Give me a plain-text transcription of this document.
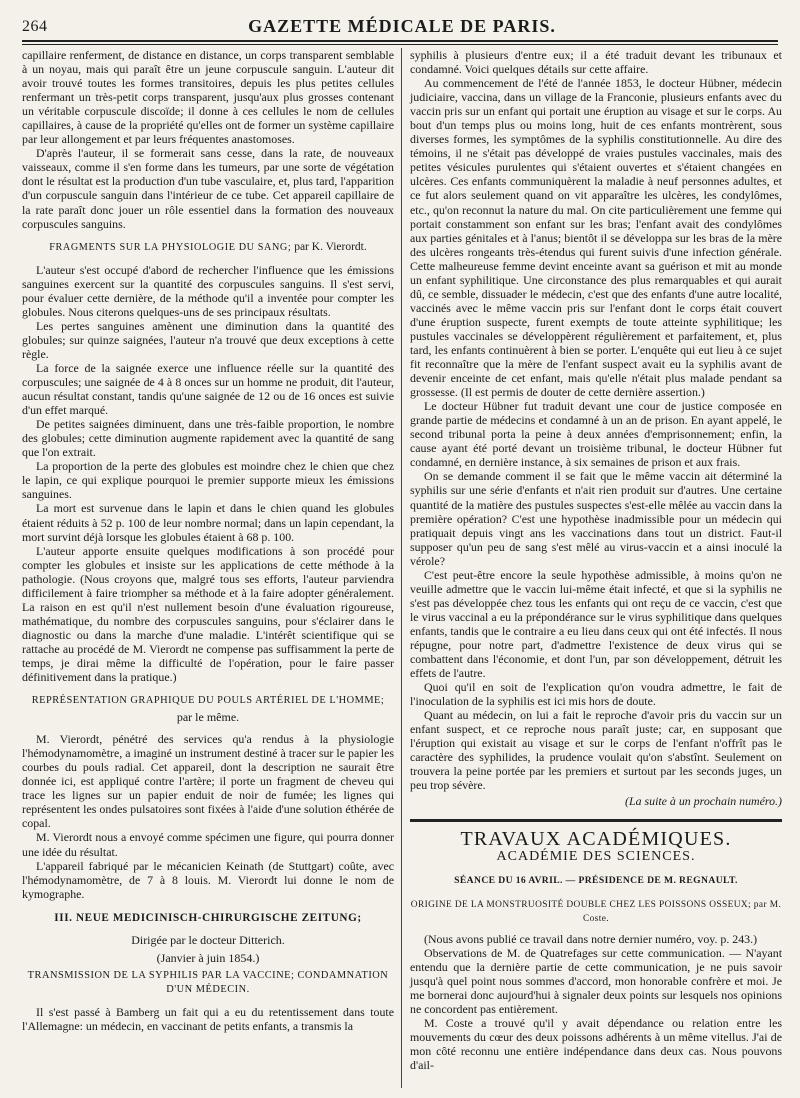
264	GAZETTE MÉDICALE DE PARIS.

capillaire renferment, de distance en distance, un corps transparent semblable à un noyau, mais qui paraît être un jeune corpuscule sanguin. L'auteur dit avoir trouvé toutes les formes transitoires, depuis les plus petites cellules renfermant un très-petit corps transparent, jusqu'aux plus grosses contenant un véritable corpuscule discoïde; il donne à ces cellules le nom de cellules capillaires, à cause de la propriété qu'elles ont de former un système capillaire par leur allongement et par leurs fréquentes anastomoses.

D'après l'auteur, il se formerait sans cesse, dans la rate, de nouveaux vaisseaux, comme il s'en forme dans les tumeurs, par une sorte de végétation dont le résultat est la production d'un tube vasculaire, et, plus tard, l'apparition d'un corpuscule sanguin dans l'intérieur de ce tube. Cet appareil capillaire de la rate paraît donc jouer un rôle essentiel dans la formation des nouveaux corpuscules sanguins.

FRAGMENTS SUR LA PHYSIOLOGIE DU SANG; par K. Vierordt.

L'auteur s'est occupé d'abord de rechercher l'influence que les émissions sanguines exercent sur la quantité des corpuscules sanguins. Il s'est servi, pour évaluer cette dernière, de la méthode qu'il a inventée pour compter les globules. Nous citerons quelques-uns de ses principaux résultats.

Les pertes sanguines amènent une diminution dans la quantité des globules; sur quinze saignées, l'auteur n'a trouvé que deux exceptions à cette règle.

La force de la saignée exerce une influence réelle sur la quantité des corpuscules; une saignée de 4 à 8 onces sur un homme ne produit, dit l'auteur, aucun résultat constant, tandis qu'une saignée de 12 ou de 16 onces est suivie d'un effet marqué.

De petites saignées diminuent, dans une très-faible proportion, le nombre des globules; cette diminution augmente rapidement avec la quantité de sang que l'on extrait.

La proportion de la perte des globules est moindre chez le chien que chez le lapin, ce qui explique pourquoi le premier supporte mieux les émissions sanguines.

La mort est survenue dans le lapin et dans le chien quand les globules étaient réduits à 52 p. 100 de leur nombre normal; dans un lapin cependant, la mort survint déjà lorsque les globules étaient à 68 p. 100.

L'auteur apporte ensuite quelques modifications à son procédé pour compter les globules et insiste sur les applications de cette méthode à la pathologie. (Nous croyons que, malgré tous ses efforts, l'auteur parviendra difficilement à faire triompher sa méthode et à la faire adopter généralement. La raison en est qu'il n'est nullement besoin d'une évaluation rigoureuse, mathématique, du nombre des corpuscules sanguins, pour s'éclairer dans le diagnostic ou dans la marche d'une maladie. L'intérêt scientifique qui se rattache au procédé de M. Vierordt ne compense pas suffisamment la perte de temps, je dirai même la difficulté de l'opération, pour le faire passer définitivement dans la pratique.)

REPRÉSENTATION GRAPHIQUE DU POULS ARTÉRIEL DE L'HOMME;
par le même.

M. Vierordt, pénétré des services qu'a rendus à la physiologie l'hémodynamomètre, a imaginé un instrument destiné à tracer sur le papier les courbes du pouls radial. Cet appareil, dont la description ne saurait être donnée ici, est appliqué contre l'artère; il porte un fragment de cheveu qui trace les lignes sur un papier enduit de noir de fumée; les lignes qui représentent les ondes pulsatoires sont fixées à l'aide d'une solution éthérée de copal.

M. Vierordt nous a envoyé comme spécimen une figure, qui pourra donner une idée du résultat.

L'appareil fabriqué par le mécanicien Keinath (de Stuttgart) coûte, avec l'hémodynamomètre, de 7 à 8 louis. M. Vierordt lui donne le nom de kymographe.

III. NEUE MEDICINISCH-CHIRURGISCHE ZEITUNG;
Dirigée par le docteur Ditterich.
(Janvier à juin 1854.)
TRANSMISSION DE LA SYPHILIS PAR LA VACCINE; CONDAMNATION D'UN MÉDECIN.

Il s'est passé à Bamberg un fait qui a eu du retentissement dans toute l'Allemagne: un médecin, en vaccinant de petits enfants, a transmis la

syphilis à plusieurs d'entre eux; il a été traduit devant les tribunaux et condamné. Voici quelques détails sur cette affaire.

Au commencement de l'été de l'année 1853, le docteur Hübner, médecin judiciaire, vaccina, dans un village de la Franconie, plusieurs enfants avec du vaccin pris sur un enfant qui portait une éruption au visage et sur le corps. Au bout d'un temps plus ou moins long, huit de ces enfants montrèrent, sous diverses formes, les symptômes de la syphilis constitutionnelle. Au dire des témoins, il ne s'était pas développé de vraies pustules vaccinales, mais des petites vésicules purulentes qui s'étaient ouvertes et s'étaient changées en ulcères. Ces enfants communiquèrent la maladie à neuf personnes adultes, et ce fut alors seulement quand on vit apparaître les ulcères, les condylômes, etc., qu'on reconnut la nature du mal. On cite particulièrement une femme qui portait constamment son enfant sur les bras; l'enfant avait des condylômes aux parties génitales et à l'anus; bientôt il se développa sur les bras de la mère des ulcères rongeants très-étendus qui furent suivis d'une infection générale. Cette malheureuse femme devint enceinte avant sa guérison et mit au monde un enfant syphilitique. Une circonstance des plus remarquables et qui aurait dû, ce semble, dissuader le médecin, c'est que des enfants d'une autre localité, vaccinés avec le même vaccin pris sur l'enfant dont le corps était couvert d'une éruption suspecte, furent exempts de toute atteinte syphilitique; les pustules vaccinales se développèrent régulièrement et parfaitement, et, plus tard, les enfants continuèrent à bien se porter. L'enquête qui eut lieu à ce sujet fit reconnaître que la mère de l'enfant suspect avait eu la syphilis avant de devenir enceinte de cet enfant, mais qu'elle n'était plus malade pendant sa grossesse. (Il est permis de douter de cette dernière assertion.)

Le docteur Hübner fut traduit devant une cour de justice composée en grande partie de médecins et condamné à un an de prison. En ayant appelé, le second tribunal porta la peine à deux années d'emprisonnement; enfin, la cause ayant été porté devant un troisième tribunal, le docteur Hübner fut condamné, en dernière instance, à six semaines de prison et aux frais.

On se demande comment il se fait que le même vaccin ait déterminé la syphilis sur une série d'enfants et n'ait rien produit sur d'autres. Une certaine quantité de la matière des pustules suspectes s'est-elle mêlée au vaccin dans la première opération? C'est une hypothèse inadmissible pour un médecin qui pratiquait depuis vingt ans les vaccinations dans tout un district. Faut-il supposer qu'un peu de sang s'est mêlé au virus-vaccin et a ainsi inoculé la vérole?

C'est peut-être encore la seule hypothèse admissible, à moins qu'on ne veuille admettre que le vaccin lui-même était infecté, et que si la syphilis ne s'est pas développée chez tous les enfants qui ont reçu de ce vaccin, c'est que le virus vaccinal a eu la prépondérance sur le virus syphilitique dans quelques enfants, tandis que le contraire a eu lieu dans ceux qui ont été infectés. Il nous répugne, pour notre part, d'admettre l'existence de deux virus qui se combattent dans l'économie, et dont l'un, par son développement, détruit les effets de l'autre.

Quoi qu'il en soit de l'explication qu'on voudra admettre, le fait de l'inoculation de la syphilis est ici mis hors de doute.

Quant au médecin, on lui a fait le reproche d'avoir pris du vaccin sur un enfant suspect, et ce reproche nous paraît juste; car, en supposant que l'éruption qui existait au visage et sur le corps de l'enfant n'offrît pas le caractère des syphilides, la prudence voulait qu'on s'abstînt. Seulement on trouvera la peine portée par les premiers et surtout par les seconds juges, un peu trop sévère.

(La suite à un prochain numéro.)
TRAVAUX ACADÉMIQUES.
ACADÉMIE DES SCIENCES.
SÉANCE DU 16 AVRIL. — PRÉSIDENCE DE M. REGNAULT.
ORIGINE DE LA MONSTRUOSITÉ DOUBLE CHEZ LES POISSONS OSSEUX; par M. Coste.

(Nous avons publié ce travail dans notre dernier numéro, voy. p. 243.)

Observations de M. de Quatrefages sur cette communication. — N'ayant entendu que la dernière partie de cette communication, je ne puis savoir jusqu'à quel point nous sommes d'accord, mon honorable confrère et moi. Je me bornerai donc aujourd'hui à signaler deux points sur lesquels nos opinions ne concordent pas entièrement.

M. Coste a trouvé qu'il y avait dépendance ou relation entre les mouvements du cœur des deux poissons adhérents à un même vitellus. J'ai de mon côté reconnu une entière indépendance dans deux cas. Nous pouvons d'ail-
